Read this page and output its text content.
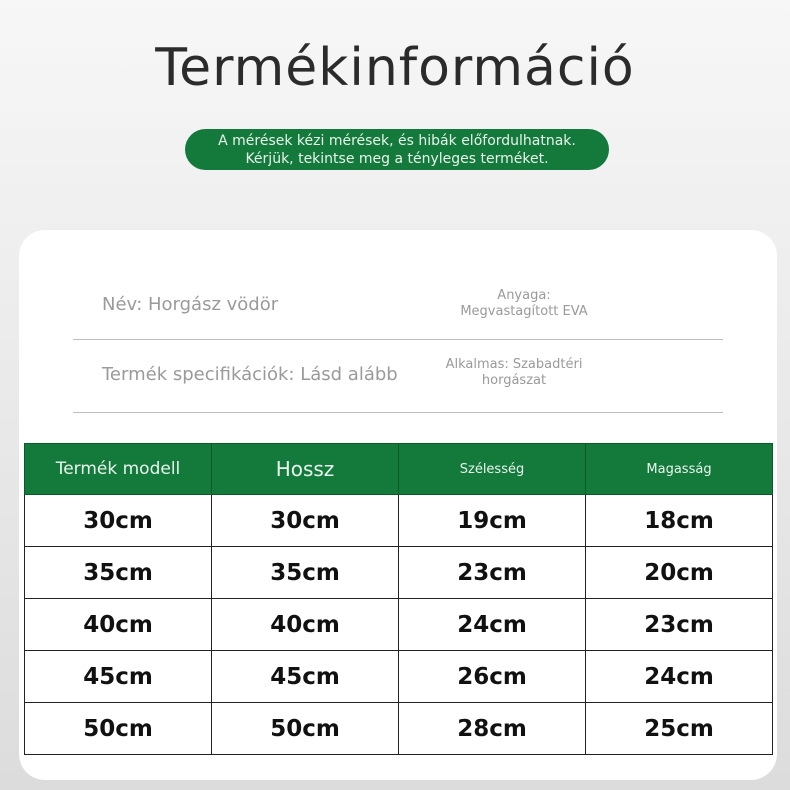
Termékinformáció
A mérések kézi mérések, és hibák előfordulhatnak.
Kérjük, tekintse meg a tényleges terméket.
Név: Horgász vödör	Anyaga:
Megvastagított EVA
Termék specifikációk: Lásd alább	Alkalmas: Szabadtéri
horgászat
Termék modell	Hossz	Szélesség	Magasság
30cm	30cm	19cm	18cm
35cm	35cm	23cm	20cm
40cm	40cm	24cm	23cm
45cm	45cm	26cm	24cm
50cm	50cm	28cm	25cm
